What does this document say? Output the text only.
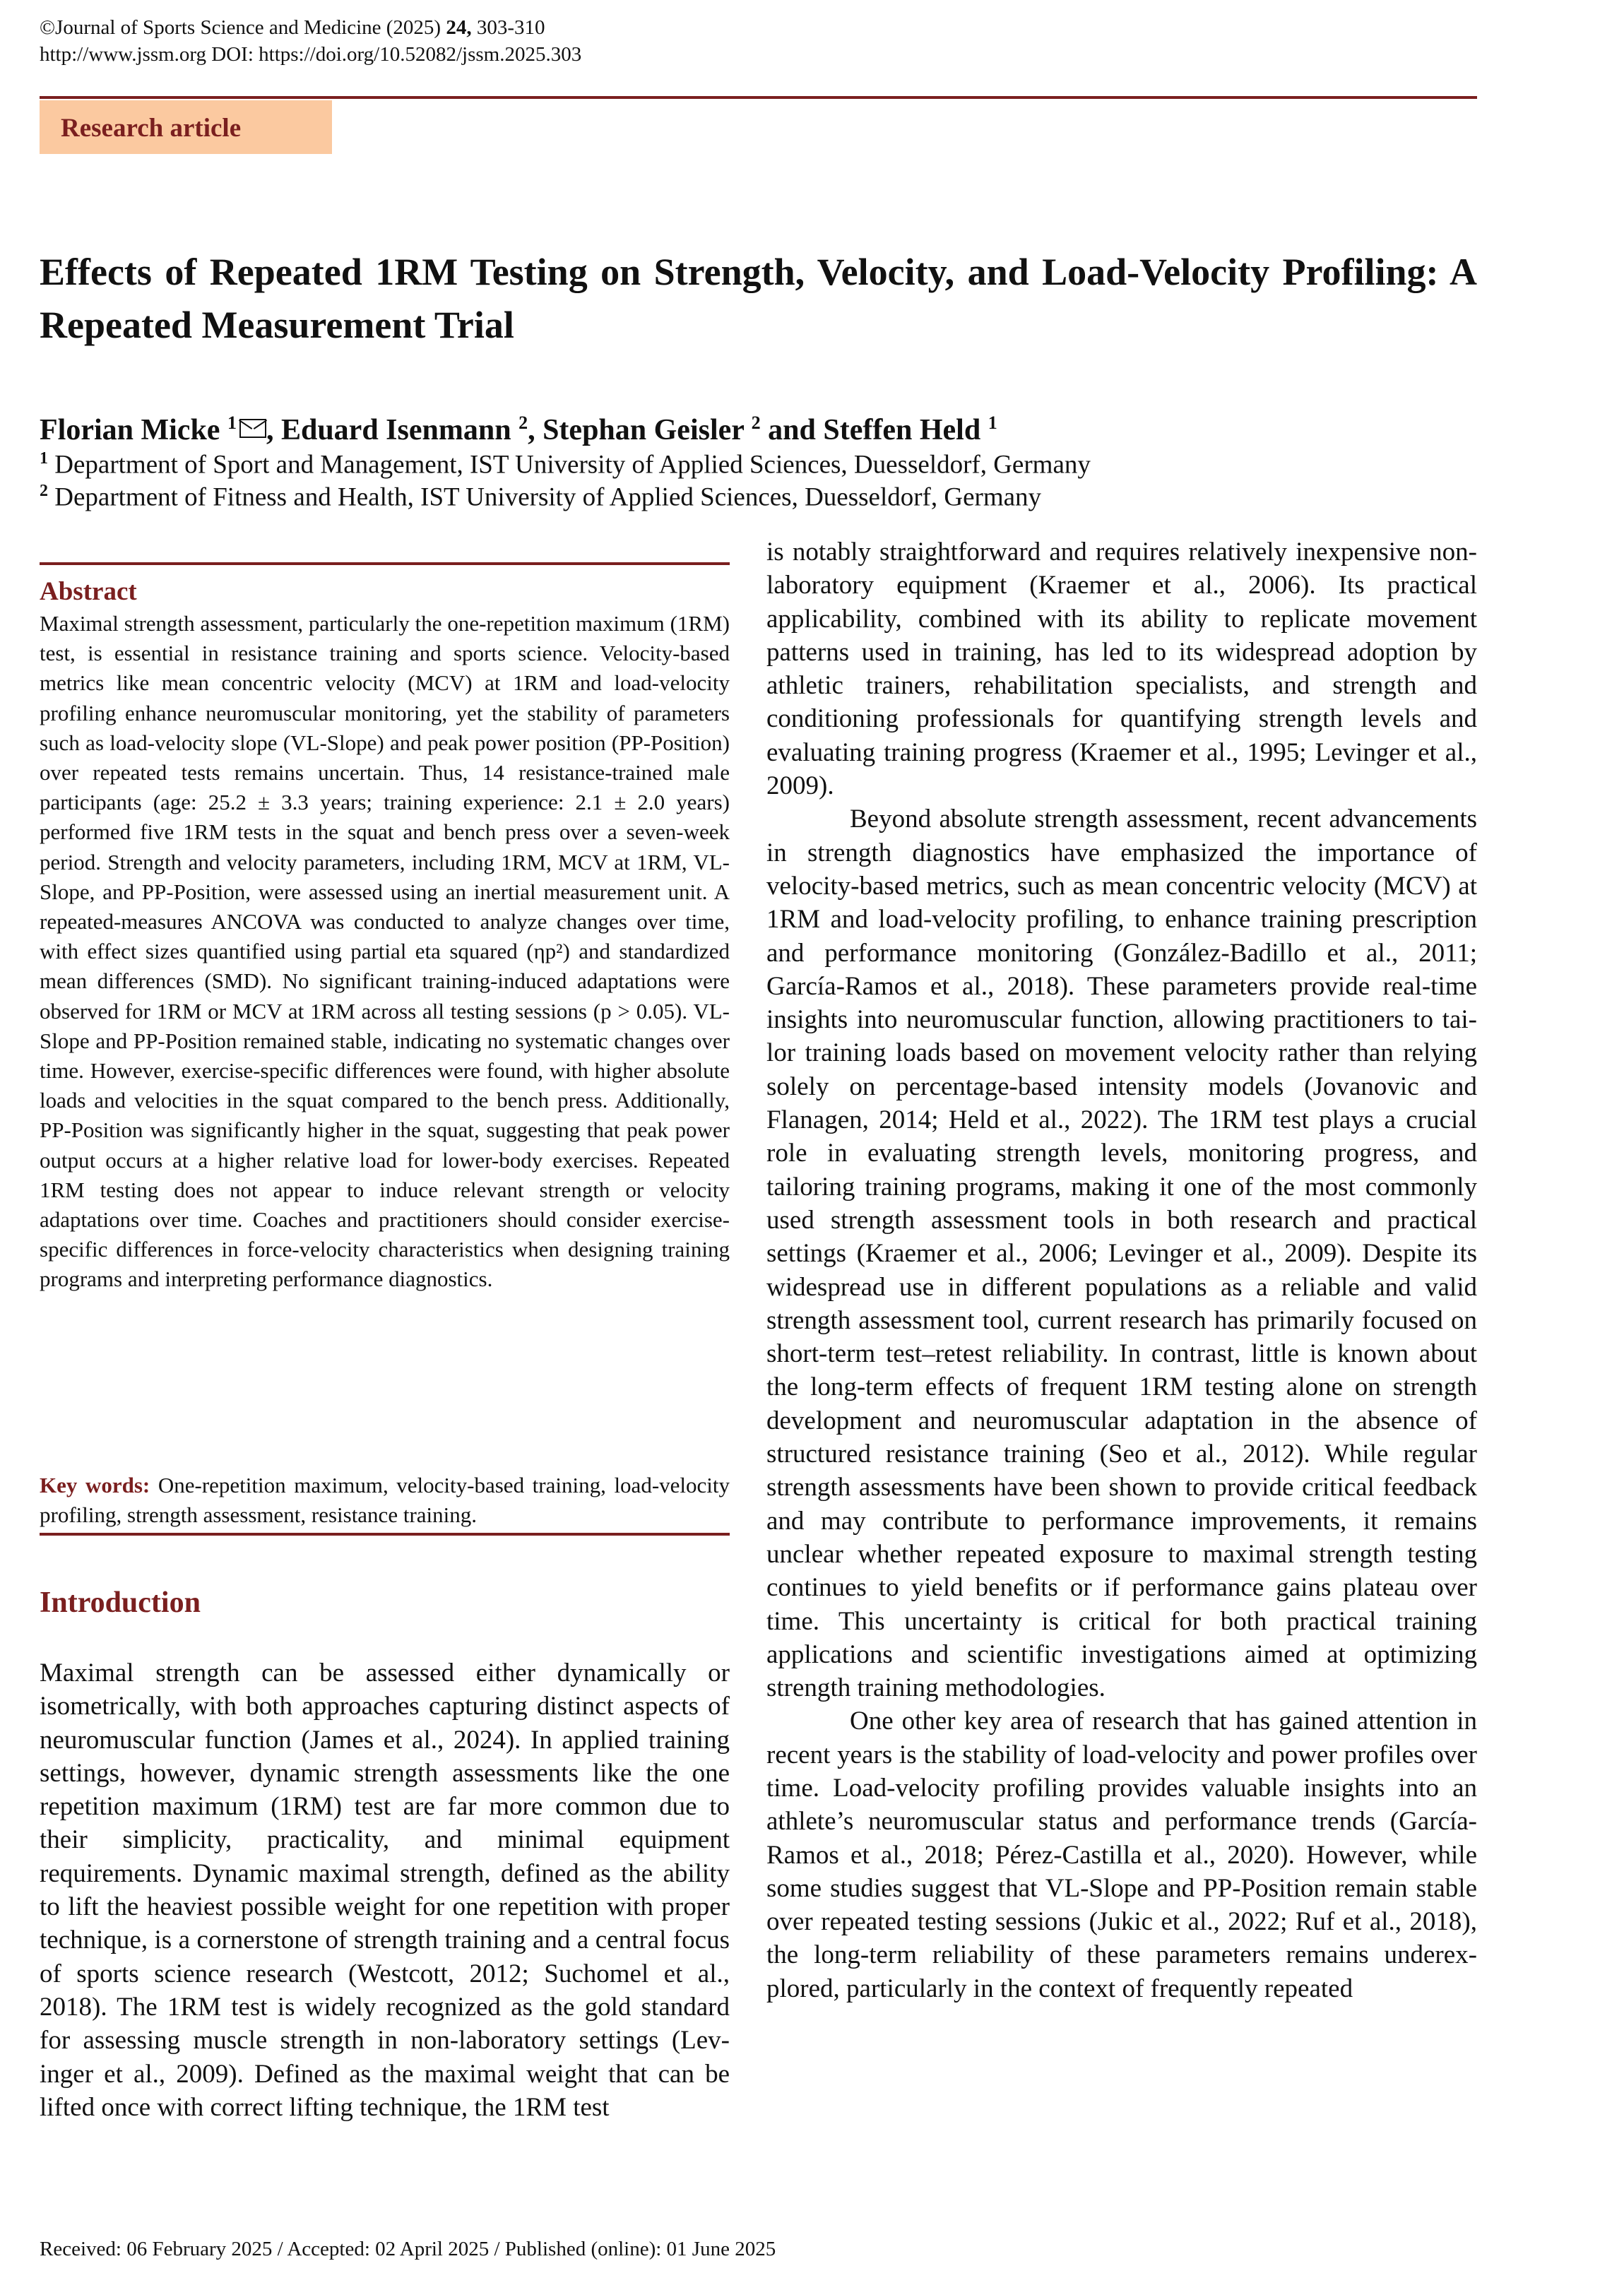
©Journal of Sports Science and Medicine (2025) 24, 303-310
http://www.jssm.org DOI: https://doi.org/10.52082/jssm.2025.303
Research article
Effects of Repeated 1RM Testing on Strength, Velocity, and Load-Velocity Profiling: A Repeated Measurement Trial
Florian Micke $^1$ , Eduard Isenmann $^2$, Stephan Geisler $^2$ and Steffen Held $^1$
$^1$ Department of Sport and Management, IST University of Applied Sciences, Duesseldorf, Germany
$^2$ Department of Fitness and Health, IST University of Applied Sciences, Duesseldorf, Germany
Abstract
Maximal strength assessment, particularly the one-repetition maximum (1RM) test, is essential in resistance training and sports science. Velocity-based metrics like mean concentric velocity (MCV) at 1RM and load-velocity profiling enhance neuromuscular monitoring, yet the stability of parameters such as load-velocity slope (VL-Slope) and peak power position (PP-Position) over repeated tests remains uncertain. Thus, 14 resistance-trained male participants (age: 25.2 ± 3.3 years; training experience: 2.1 ± 2.0 years) performed five 1RM tests in the squat and bench press over a seven-week period. Strength and velocity parameters, including 1RM, MCV at 1RM, VL-Slope, and PP-Position, were assessed using an inertial measurement unit. A repeated-measures ANCOVA was conducted to analyze changes over time, with effect sizes quantified using partial eta squared (ηp²) and standardized mean differences (SMD). No significant training-induced adaptations were observed for 1RM or MCV at 1RM across all testing sessions (p > 0.05). VL-Slope and PP-Position remained stable, indicating no systematic changes over time. However, exercise-specific differences were found, with higher absolute loads and velocities in the squat compared to the bench press. Additionally, PP-Position was significantly higher in the squat, suggesting that peak power output occurs at a higher relative load for lower-body exercises. Repeated 1RM testing does not appear to induce relevant strength or velocity adaptations over time. Coaches and practitioners should consider exercise-specific differences in force-velocity characteristics when designing training programs and interpreting performance diagnostics.
Key words: One-repetition maximum, velocity-based training, load-velocity profiling, strength assessment, resistance training.
Introduction

Maximal strength can be assessed either dynamically or isometrically, with both approaches capturing distinct aspects of neuromuscular function (James et al., 2024). In applied training settings, however, dynamic strength assessments like the one repetition maximum (1RM) test are far more common due to their simplicity, practicality, and minimal equipment requirements. Dynamic maximal strength, defined as the ability to lift the heaviest possible weight for one repetition with proper technique, is a cornerstone of strength training and a central focus of sports science research (Westcott, 2012; Suchomel et al., 2018). The 1RM test is widely recognized as the gold standard for assessing muscle strength in non-laboratory settings (Levinger et al., 2009). Defined as the maximal weight that can be lifted once with correct lifting technique, the 1RM test

is notably straightforward and requires relatively inexpensive non-laboratory equipment (Kraemer et al., 2006). Its practical applicability, combined with its ability to replicate movement patterns used in training, has led to its widespread adoption by athletic trainers, rehabilitation specialists, and strength and conditioning professionals for quantifying strength levels and evaluating training progress (Kraemer et al., 1995; Levinger et al., 2009).

Beyond absolute strength assessment, recent advancements in strength diagnostics have emphasized the importance of velocity-based metrics, such as mean concentric velocity (MCV) at 1RM and load-velocity profiling, to enhance training prescription and performance monitoring (González-Badillo et al., 2011; García-Ramos et al., 2018). These parameters provide real-time insights into neuromuscular function, allowing practitioners to tailor training loads based on movement velocity rather than relying solely on percentage-based intensity models (Jovanovic and Flanagen, 2014; Held et al., 2022). The 1RM test plays a crucial role in evaluating strength levels, monitoring progress, and tailoring training programs, making it one of the most commonly used strength assessment tools in both research and practical settings (Kraemer et al., 2006; Levinger et al., 2009). Despite its widespread use in different populations as a reliable and valid strength assessment tool, current research has primarily focused on short-term test–retest reliability. In contrast, little is known about the long-term effects of frequent 1RM testing alone on strength development and neuromuscular adaptation in the absence of structured resistance training (Seo et al., 2012). While regular strength assessments have been shown to provide critical feedback and may contribute to performance improvements, it remains unclear whether repeated exposure to maximal strength testing continues to yield benefits or if performance gains plateau over time. This uncertainty is critical for both practical training applications and scientific investigations aimed at optimizing strength training methodologies.

One other key area of research that has gained attention in recent years is the stability of load-velocity and power profiles over time. Load-velocity profiling provides valuable insights into an athlete’s neuromuscular status and performance trends (García-Ramos et al., 2018; Pérez-Castilla et al., 2020). However, while some studies suggest that VL-Slope and PP-Position remain stable over repeated testing sessions (Jukic et al., 2022; Ruf et al., 2018), the long-term reliability of these parameters remains underexplored, particularly in the context of frequently repeated

Received: 06 February 2025 / Accepted: 02 April 2025 / Published (online): 01 June 2025
